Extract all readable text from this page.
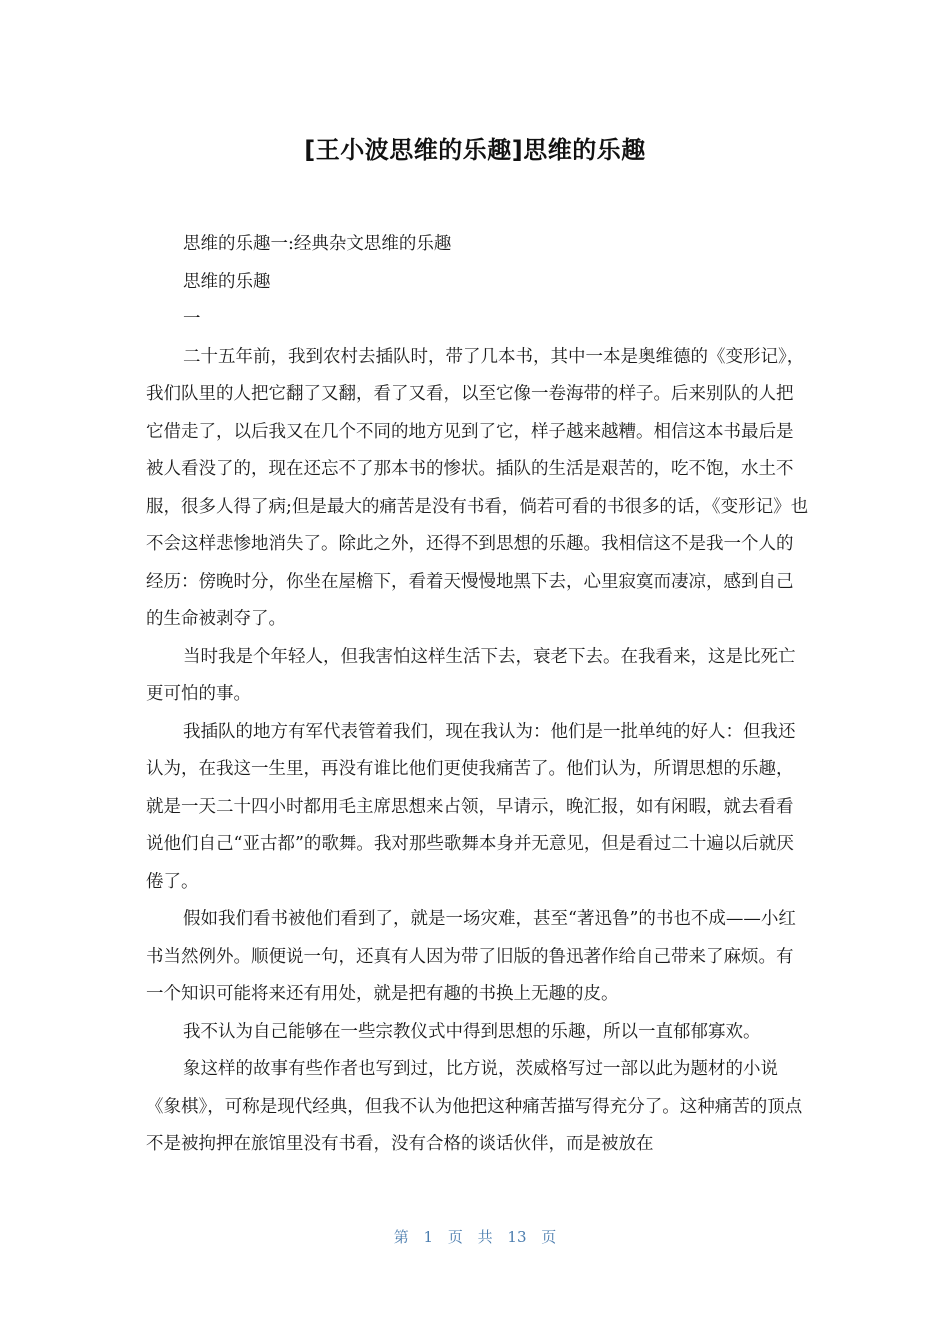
[王小波思维的乐趣]思维的乐趣

思维的乐趣一:经典杂文思维的乐趣

思维的乐趣

一

二十五年前，我到农村去插队时，带了几本书，其中一本是奥维德的《变形记》，我们队里的人把它翻了又翻，看了又看，以至它像一卷海带的样子。后来别队的人把它借走了，以后我又在几个不同的地方见到了它，样子越来越糟。相信这本书最后是被人看没了的，现在还忘不了那本书的惨状。插队的生活是艰苦的，吃不饱，水土不服，很多人得了病;但是最大的痛苦是没有书看，倘若可看的书很多的话，《变形记》也不会这样悲惨地消失了。除此之外，还得不到思想的乐趣。我相信这不是我一个人的经历：傍晚时分，你坐在屋檐下，看着天慢慢地黑下去，心里寂寞而凄凉，感到自己的生命被剥夺了。

当时我是个年轻人，但我害怕这样生活下去，衰老下去。在我看来，这是比死亡更可怕的事。

我插队的地方有军代表管着我们，现在我认为：他们是一批单纯的好人：但我还认为，在我这一生里，再没有谁比他们更使我痛苦了。他们认为，所谓思想的乐趣，就是一天二十四小时都用毛主席思想来占领，早请示，晚汇报，如有闲暇，就去看看说他们自己“亚古都”的歌舞。我对那些歌舞本身并无意见，但是看过二十遍以后就厌倦了。

假如我们看书被他们看到了，就是一场灾难，甚至“著迅鲁”的书也不成——小红书当然例外。顺便说一句，还真有人因为带了旧版的鲁迅著作给自己带来了麻烦。有一个知识可能将来还有用处，就是把有趣的书换上无趣的皮。

我不认为自己能够在一些宗教仪式中得到思想的乐趣，所以一直郁郁寡欢。

象这样的故事有些作者也写到过，比方说，茨威格写过一部以此为题材的小说《象棋》，可称是现代经典，但我不认为他把这种痛苦描写得充分了。这种痛苦的顶点不是被拘押在旅馆里没有书看，没有合格的谈话伙伴，而是被放在

第 1 页 共 13 页
